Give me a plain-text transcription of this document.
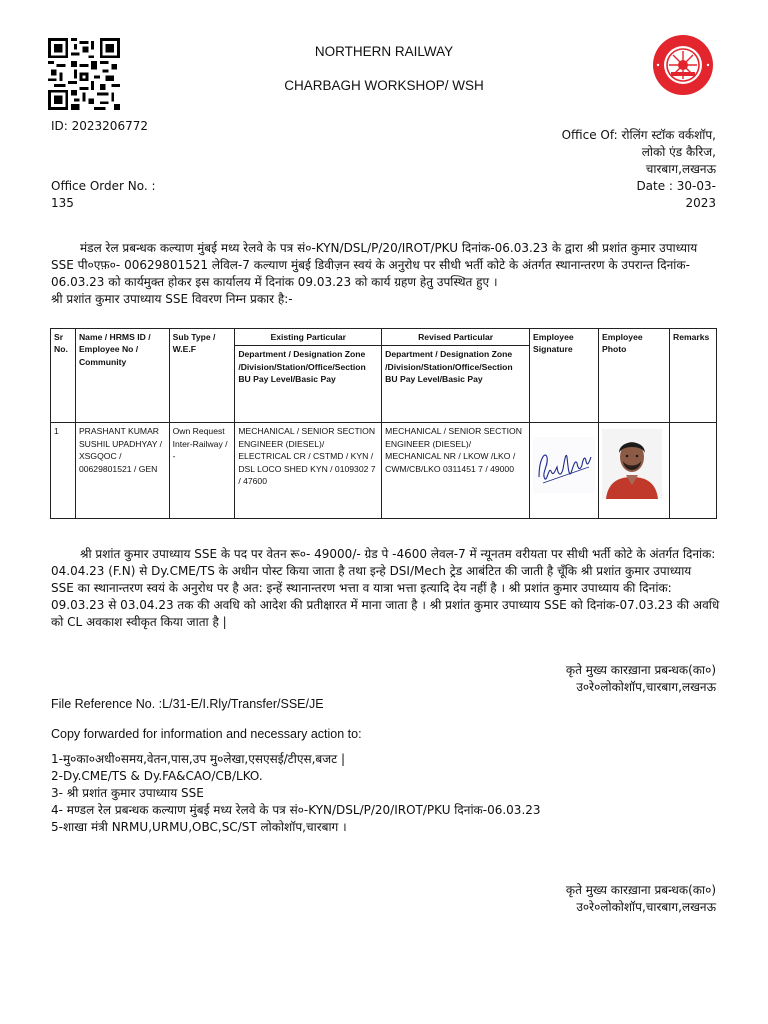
NORTHERN RAILWAY
CHARBAGH WORKSHOP/ WSH
ID: 2023206772
Office Of: रोलिंग स्टॉक वर्कशॉप,
लोको एंड कैरिज,
चारबाग,लखनऊ
Office Order No. :	Date : 30-03-
135	2023
मंडल रेल प्रबन्धक कल्याण मुंबई मध्य रेलवे के पत्र सं०-KYN/DSL/P/20/IROT/PKU दिनांक-06.03.23 के द्वारा श्री प्रशांत कुमार उपाध्याय
SSE पी०एफ़०- 00629801521 लेविल-7 कल्याण मुंबई डिवीज़न स्वयं के अनुरोध पर सीधी भर्ती कोटे के अंतर्गत स्थानान्तरण के उपरान्त दिनांक-
06.03.23 को कार्यमुक्त होकर इस कार्यालय में दिनांक 09.03.23 को कार्य ग्रहण हेतु उपस्थित हुए ।
श्री प्रशांत कुमार उपाध्याय SSE विवरण निम्न प्रकार है:-
Sr No.	Name / HRMS ID / Employee No / Community	Sub Type / W.E.F	Existing Particular	Revised Particular	Employee Signature	Employee Photo	Remarks
			Department / Designation Zone /Division/Station/Office/Section BU Pay Level/Basic Pay	Department / Designation Zone /Division/Station/Office/Section BU Pay Level/Basic Pay			
1	PRASHANT KUMAR SUSHIL UPADHYAY / XSGQOC / 00629801521 / GEN	Own Request Inter-Railway / -	MECHANICAL / SENIOR SECTION ENGINEER (DIESEL)/ ELECTRICAL CR / CSTMD / KYN / DSL LOCO SHED KYN / 0109302 7 / 47600	MECHANICAL / SENIOR SECTION ENGINEER (DIESEL)/ MECHANICAL NR / LKOW /LKO / CWM/CB/LKO 0311451 7 / 49000	

श्री प्रशांत कुमार उपाध्याय SSE के पद पर वेतन रू०- 49000/- ग्रेड पे -4600 लेवल-7 में न्यूनतम वरीयता पर सीधी भर्ती कोटे के अंतर्गत दिनांक:
04.04.23 (F.N) से Dy.CME/TS के अधीन पोस्ट किया जाता है तथा इन्हे DSI/Mech ट्रेड आबंटित की जाती है चूँकि श्री प्रशांत कुमार उपाध्याय
SSE का स्थानान्तरण स्वयं के अनुरोध पर है अत: इन्हें स्थानान्तरण भत्ता व यात्रा भत्ता इत्यादि देय नहीं है । श्री प्रशांत कुमार उपाध्याय की दिनांक:
09.03.23 से 03.04.23 तक की अवधि को आदेश की प्रतीक्षारत में माना जाता है । श्री प्रशांत कुमार उपाध्याय SSE को दिनांक-07.03.23 की अवधि
को CL अवकाश स्वीकृत किया जाता है |
कृते मुख्य कारख़ाना प्रबन्धक(का०)
उ०रे०लोकोशॉप,चारबाग,लखनऊ
File Reference No. :L/31-E/I.Rly/Transfer/SSE/JE
Copy forwarded for information and necessary action to:
1-मु०का०अधी०समय,वेतन,पास,उप मु०लेखा,एसएसई/टीएस,बजट |
2-Dy.CME/TS & Dy.FA&CAO/CB/LKO.
3- श्री प्रशांत कुमार उपाध्याय SSE
4- मण्डल रेल प्रबन्धक कल्याण मुंबई मध्य रेलवे के पत्र सं०-KYN/DSL/P/20/IROT/PKU दिनांक-06.03.23
5-शाखा मंत्री NRMU,URMU,OBC,SC/ST लोकोशॉप,चारबाग ।
कृते मुख्य कारख़ाना प्रबन्धक(का०)
उ०रे०लोकोशॉप,चारबाग,लखनऊ
